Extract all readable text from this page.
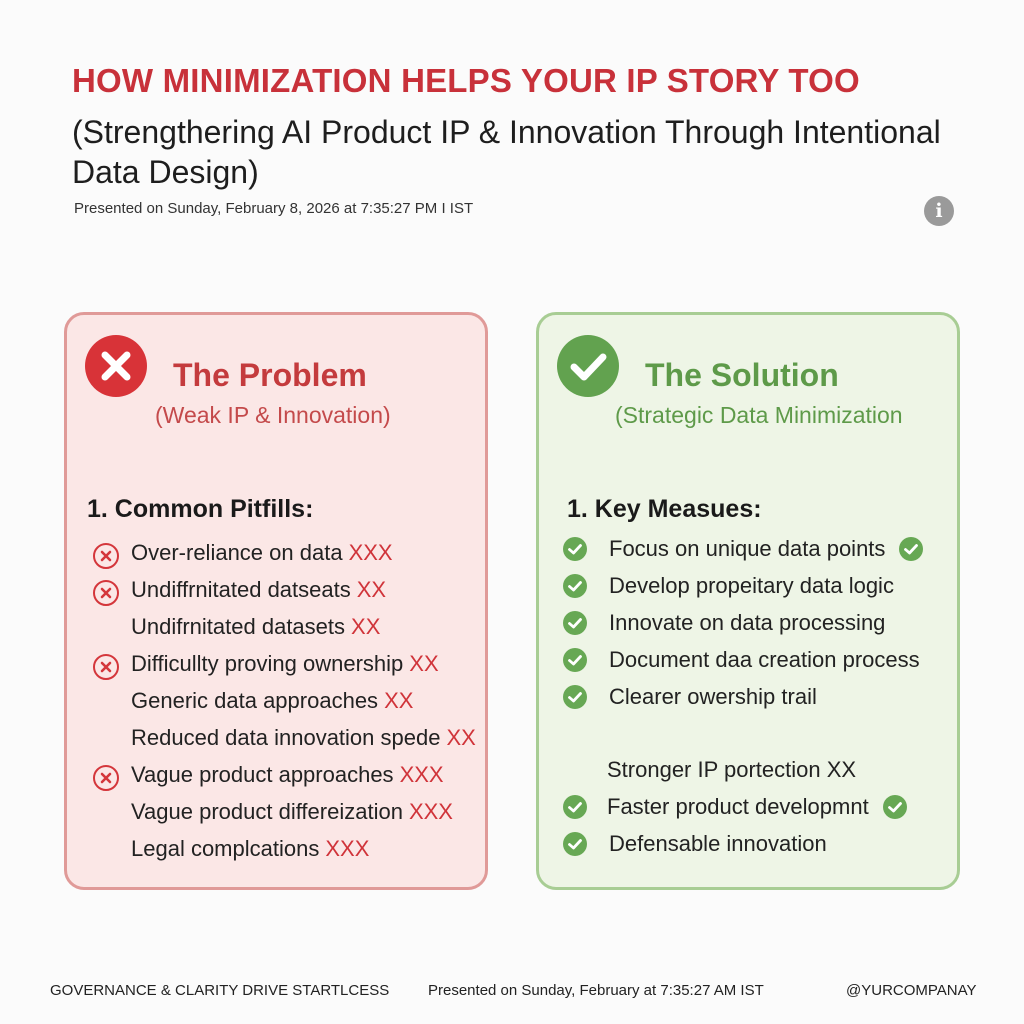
HOW MINIMIZATION HELPS YOUR IP STORY TOO
(Strengthering AI Product IP & Innovation Through Intentional Data Design)
Presented on Sunday, February 8, 2026 at 7:35:27 PM I IST	i
The Problem
(Weak IP & Innovation)
1. Common Pitfills:
Over-reliance on data XXX
Undiffrnitated datseats XX
Undifrnitated datasets XX
Difficullty proving ownership XX
Generic data approaches XX
Reduced data innovation spede XX
Vague product approaches XXX
Vague product differeization XXX
Legal complcations XXX
The Solution
(Strategic Data Minimization
1. Key Measues:
Focus on unique data points
Develop propeitary data logic
Innovate on data processing
Document daa creation process
Clearer owership trail
Stronger IP portection XX
Faster product developmnt
Defensable innovation
GOVERNANCE & CLARITY DRIVE STARTLCESS	Presented on Sunday, February at 7:35:27 AM IST	@YURCOMPANAY
